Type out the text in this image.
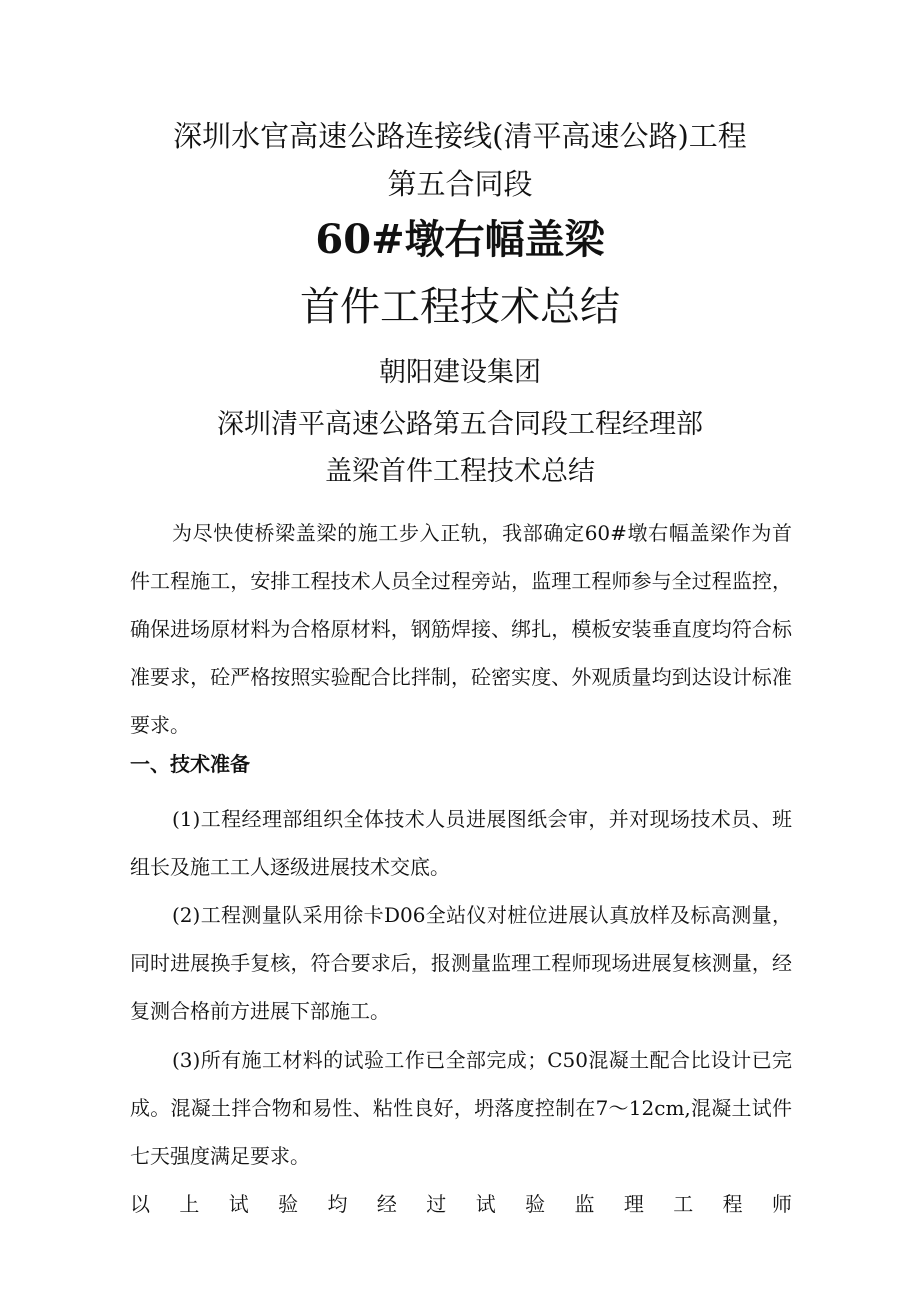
深圳水官高速公路连接线(清平高速公路)工程
第五合同段
60#墩右幅盖梁
首件工程技术总结
朝阳建设集团
深圳清平高速公路第五合同段工程经理部
盖梁首件工程技术总结

为尽快使桥梁盖梁的施工步入正轨，我部确定60#墩右幅盖梁作为首件工程施工，安排工程技术人员全过程旁站，监理工程师参与全过程监控，确保进场原材料为合格原材料，钢筋焊接、绑扎，模板安装垂直度均符合标准要求，砼严格按照实验配合比拌制，砼密实度、外观质量均到达设计标准要求。

一、技术准备

(1)工程经理部组织全体技术人员进展图纸会审，并对现场技术员、班组长及施工工人逐级进展技术交底。

(2)工程测量队采用徐卡D06全站仪对桩位进展认真放样及标高测量，同时进展换手复核，符合要求后，报测量监理工程师现场进展复核测量，经复测合格前方进展下部施工。

(3)所有施工材料的试验工作已全部完成；C50混凝土配合比设计已完成。混凝土拌合物和易性、粘性良好，坍落度控制在7～12cm,混凝土试件七天强度满足要求。
以上试验均经过试验监理工程师
